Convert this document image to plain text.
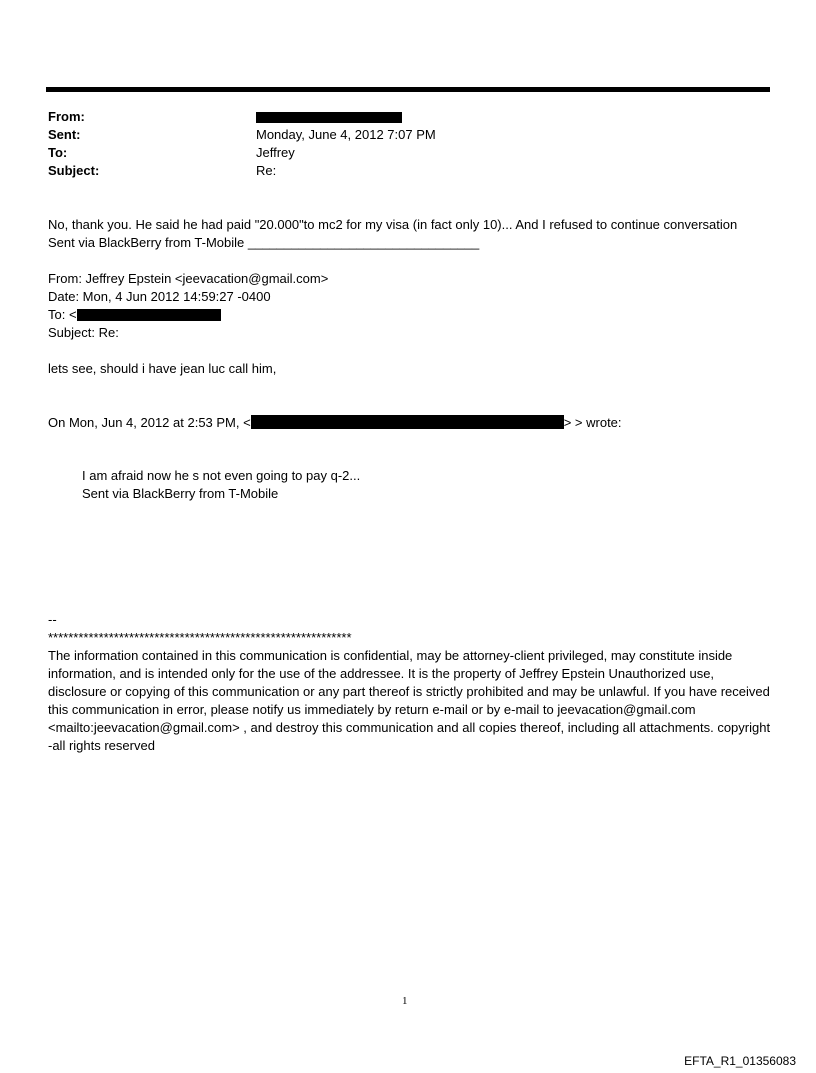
From:
Sent:	Monday, June 4, 2012 7:07 PM
To:	Jeffrey
Subject:	Re:
No, thank you. He said he had paid "20.000"to mc2 for my visa (in fact only 10)... And I refused to continue conversation
Sent via BlackBerry from T-Mobile ________________________________
From: Jeffrey Epstein <jeevacation@gmail.com>
Date: Mon, 4 Jun 2012 14:59:27 -0400
To: <
Subject: Re:
lets see, should i have jean luc call him,
On Mon, Jun 4, 2012 at 2:53 PM, <	> > wrote:
I am afraid now he s not even going to pay q-2...
Sent via BlackBerry from T-Mobile

--

************************************************************

The information contained in this communication is confidential, may be attorney-client privileged, may constitute inside information, and is intended only for the use of the addressee. It is the property of Jeffrey Epstein Unauthorized use, disclosure or copying of this communication or any part thereof is strictly prohibited and may be unlawful. If you have received this communication in error, please notify us immediately by return e-mail or by e-mail to jeevacation@gmail.com <mailto:jeevacation@gmail.com> , and destroy this communication and all copies thereof, including all attachments. copyright -all rights reserved

1
EFTA_R1_01356083
